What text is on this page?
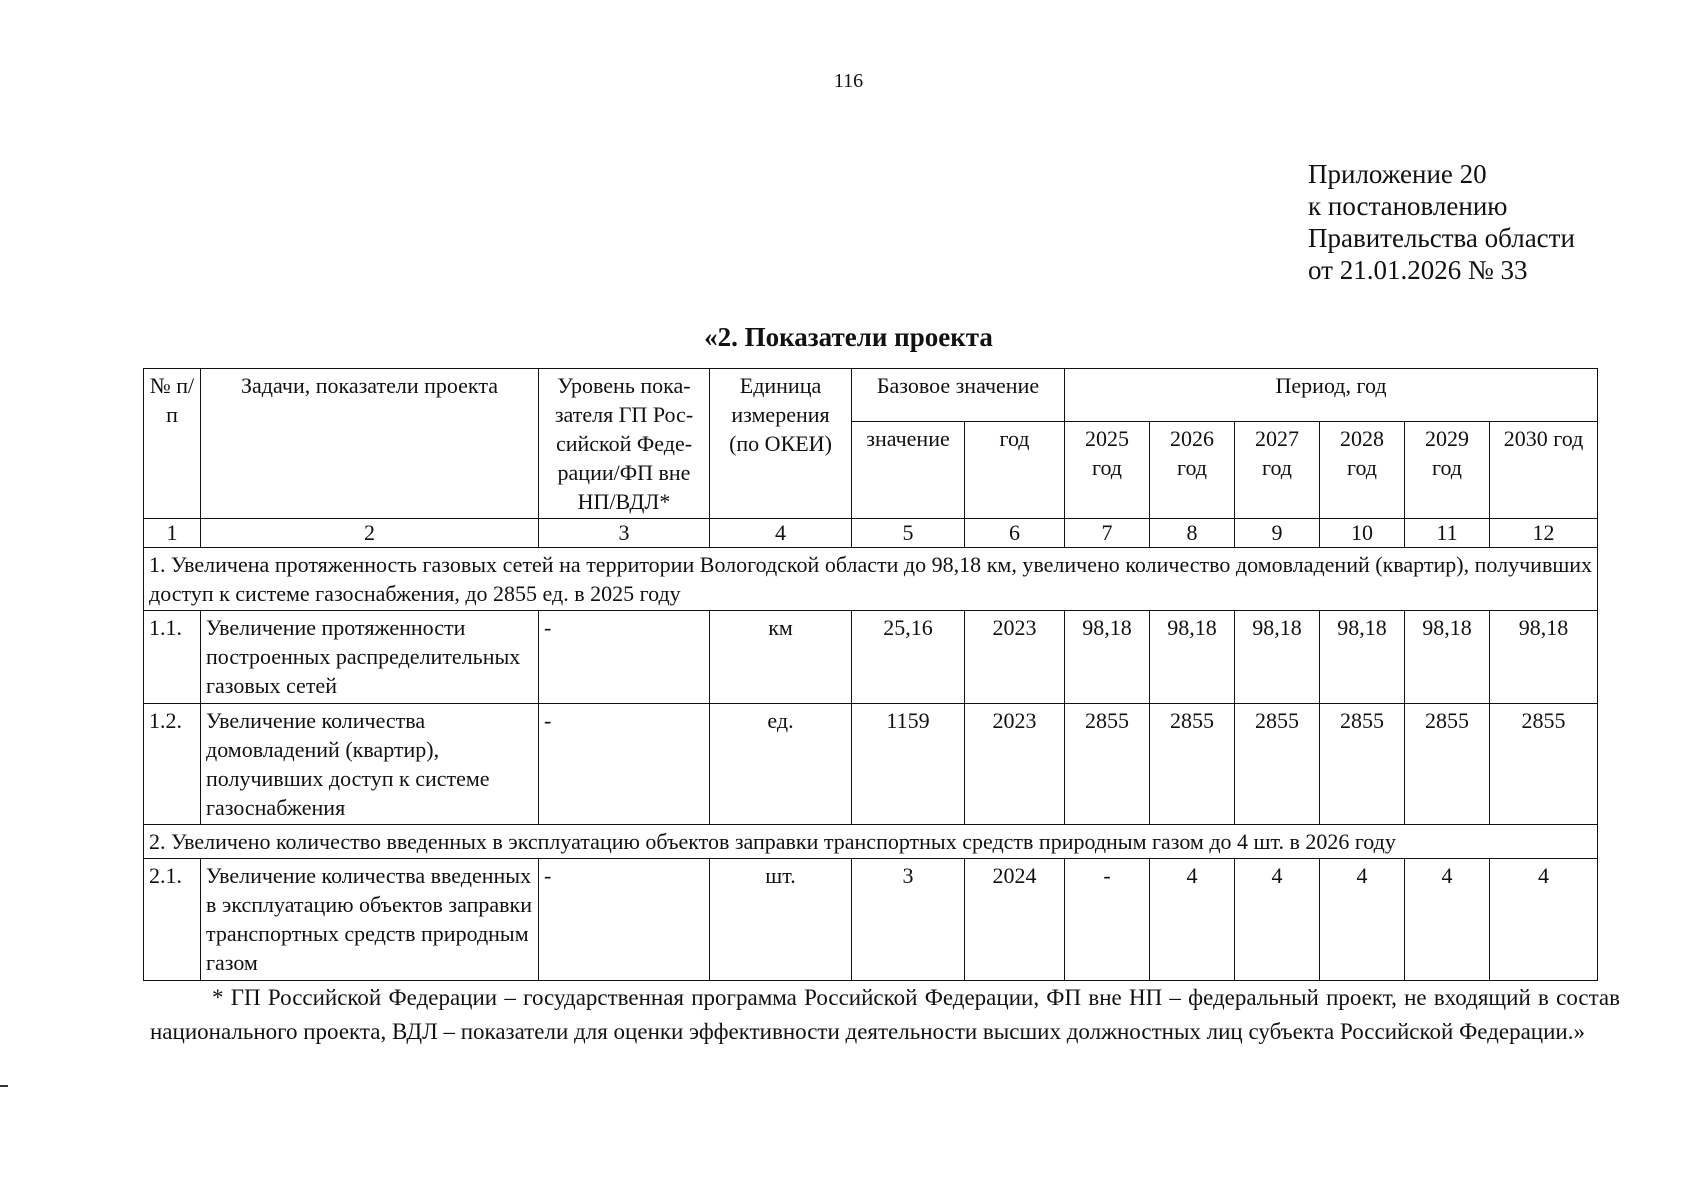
116
Приложение 20
к постановлению
Правительства области
от 21.01.2026 № 33
«2. Показатели проекта
№ п/п	Задачи, показатели проекта	Уровень пока-зателя ГП Рос-сийской Феде-рации/ФП вне НП/ВДЛ*	Единица измерения (по ОКЕИ)	Базовое значение		Период, год					
				значение	год	2025 год	2026 год	2027 год	2028 год	2029 год	2030 год
1	2	3	4	5	6	7	8	9	10	11	12
1. Увеличена протяженность газовых сетей на территории Вологодской области до 98,18 км, увеличено количество домовладений (квартир), получивших доступ к системе газоснабжения, до 2855 ед. в 2025 году											
1.1.	Увеличение протяженности построенных распределительных газовых сетей	-	км	25,16	2023	98,18	98,18	98,18	98,18	98,18	98,18
1.2.	Увеличение количества домовладений (квартир), получивших доступ к системе газоснабжения	-	ед.	1159	2023	2855	2855	2855	2855	2855	2855
2. Увеличено количество введенных в эксплуатацию объектов заправки транспортных средств природным газом до 4 шт. в 2026 году											
2.1.	Увеличение количества введенных в эксплуатацию объектов заправки транспортных средств природным газом	-	шт.	3	2024	-	4	4	4	4	4
* ГП Российской Федерации – государственная программа Российской Федерации, ФП вне НП – федеральный проект, не входящий в состав национального проекта, ВДЛ – показатели для оценки эффективности деятельности высших должностных лиц субъекта Российской Федерации.»
